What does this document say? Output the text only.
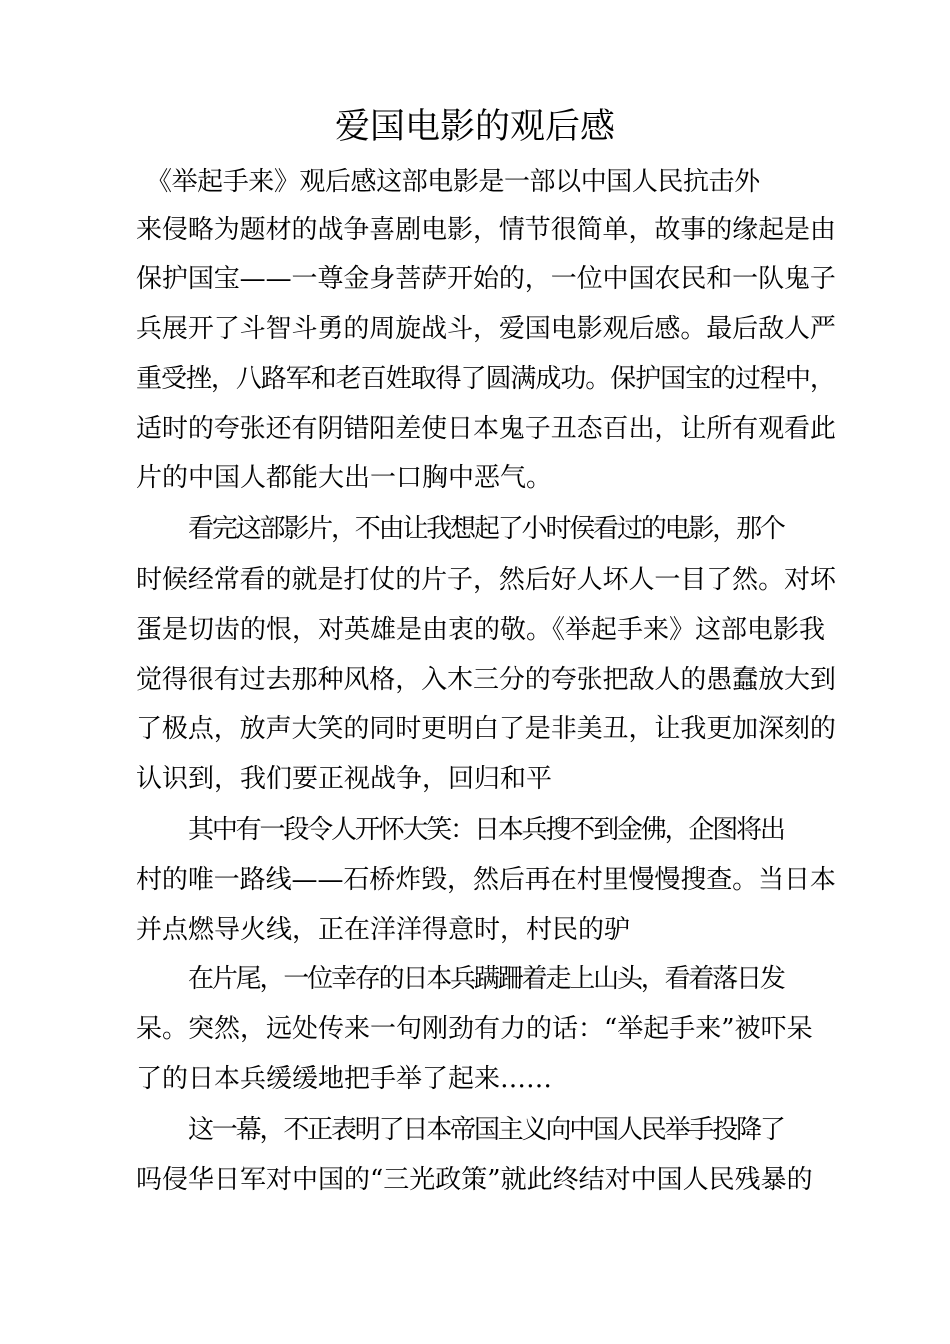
爱国电影的观后感

《举起手来》观后感这部电影是一部以中国人民抗击外

来侵略为题材的战争喜剧电影，情节很简单，故事的缘起是由

保护国宝——一尊金身菩萨开始的，一位中国农民和一队鬼子

兵展开了斗智斗勇的周旋战斗，爱国电影观后感。最后敌人严

重受挫，八路军和老百姓取得了圆满成功。保护国宝的过程中，

适时的夸张还有阴错阳差使日本鬼子丑态百出，让所有观看此

片的中国人都能大出一口胸中恶气。

看完这部影片，不由让我想起了小时侯看过的电影，那个

时候经常看的就是打仗的片子，然后好人坏人一目了然。对坏

蛋是切齿的恨，对英雄是由衷的敬。《举起手来》这部电影我

觉得很有过去那种风格，入木三分的夸张把敌人的愚蠢放大到

了极点，放声大笑的同时更明白了是非美丑，让我更加深刻的

认识到，我们要正视战争，回归和平

其中有一段令人开怀大笑：日本兵搜不到金佛，企图将出

村的唯一路线——石桥炸毁，然后再在村里慢慢搜查。当日本

并点燃导火线，正在洋洋得意时，村民的驴

在片尾，一位幸存的日本兵蹒跚着走上山头，看着落日发

呆。突然，远处传来一句刚劲有力的话：“举起手来”被吓呆

了的日本兵缓缓地把手举了起来……

这一幕，不正表明了日本帝国主义向中国人民举手投降了

吗侵华日军对中国的“三光政策”就此终结对中国人民残暴的
